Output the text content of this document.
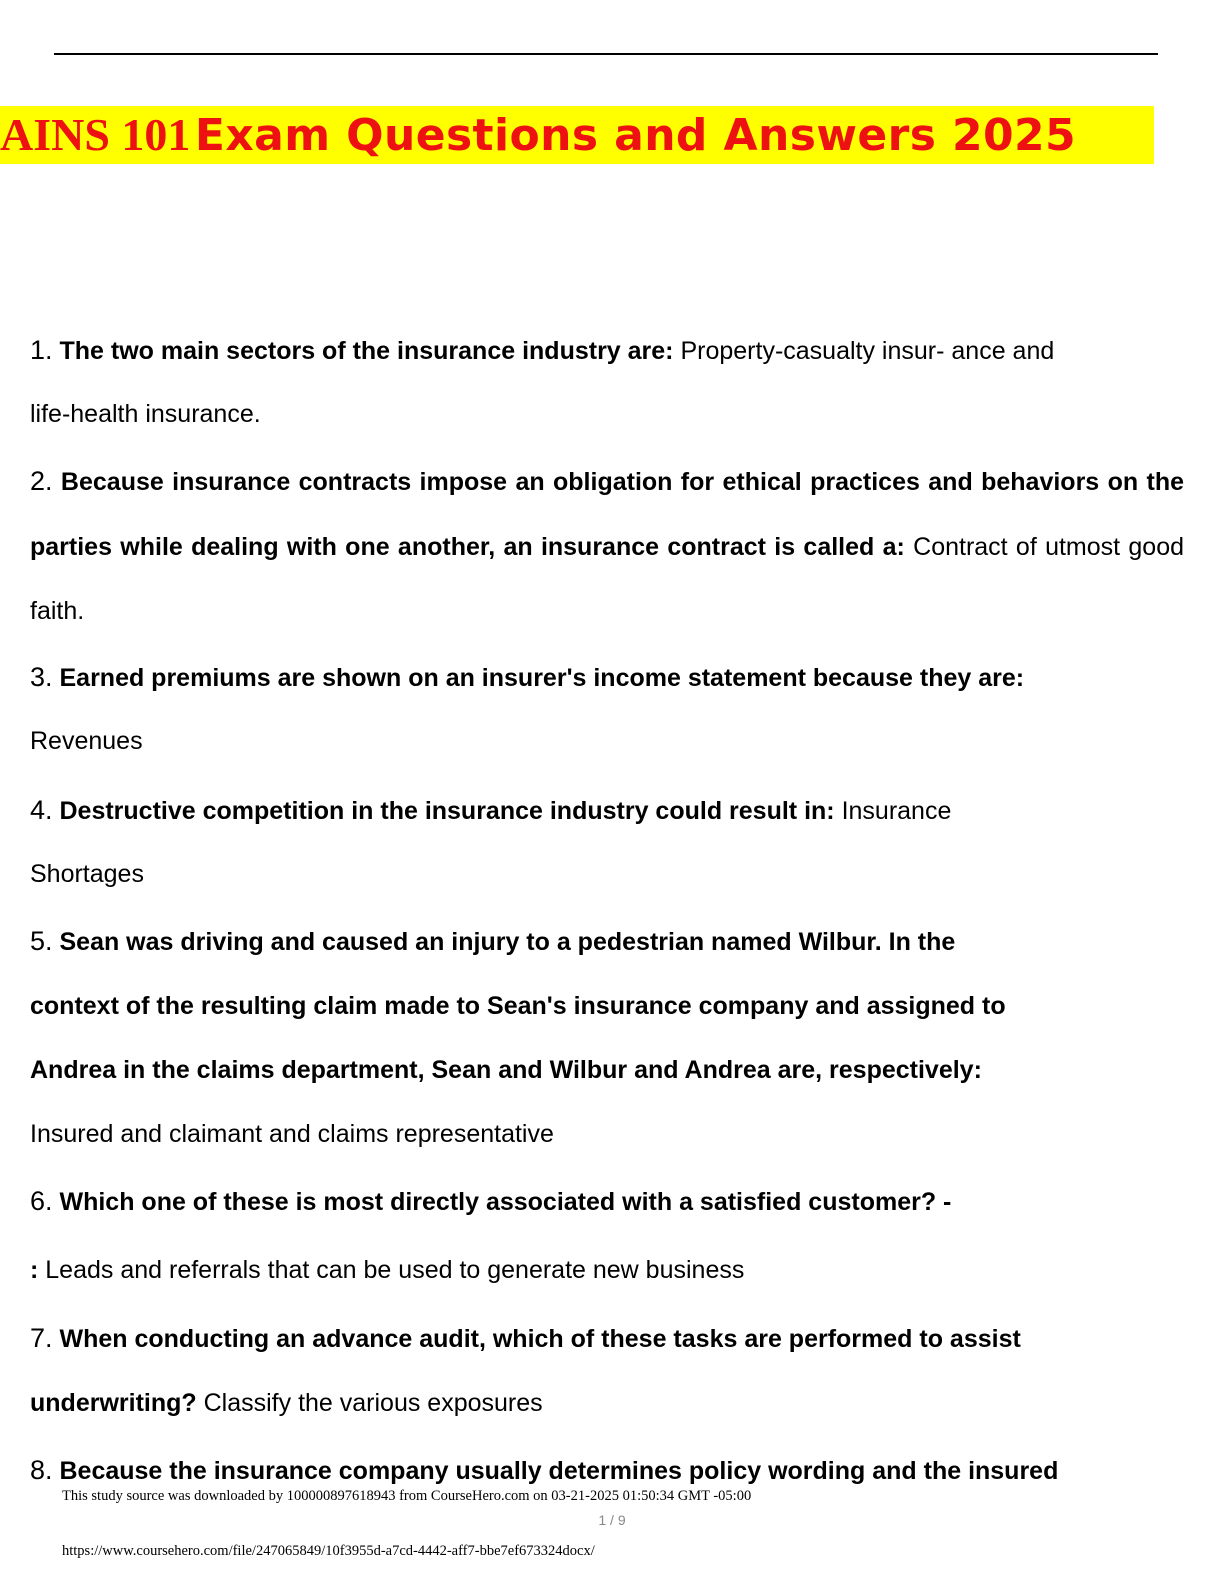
AINS 101 Exam Questions and Answers 2025

1. The two main sectors of the insurance industry are: Property-casualty insur- ance and

life-health insurance.

2. Because insurance contracts impose an obligation for ethical practices and behaviors on the parties while dealing with one another, an insurance contract is called a: Contract of utmost good faith.

3. Earned premiums are shown on an insurer's income statement because they are:

Revenues

4. Destructive competition in the insurance industry could result in: Insurance

Shortages

5. Sean was driving and caused an injury to a pedestrian named Wilbur. In the

context of the resulting claim made to Sean's insurance company and assigned to

Andrea in the claims department, Sean and Wilbur and Andrea are, respectively:

Insured and claimant and claims representative

6. Which one of these is most directly associated with a satisfied customer? -

: Leads and referrals that can be used to generate new business

7. When conducting an advance audit, which of these tasks are performed to assist

underwriting? Classify the various exposures

8. Because the insurance company usually determines policy wording and the insured

This study source was downloaded by 100000897618943 from CourseHero.com on 03-21-2025 01:50:34 GMT -05:00
1 / 9
https://www.coursehero.com/file/247065849/10f3955d-a7cd-4442-aff7-bbe7ef673324docx/
